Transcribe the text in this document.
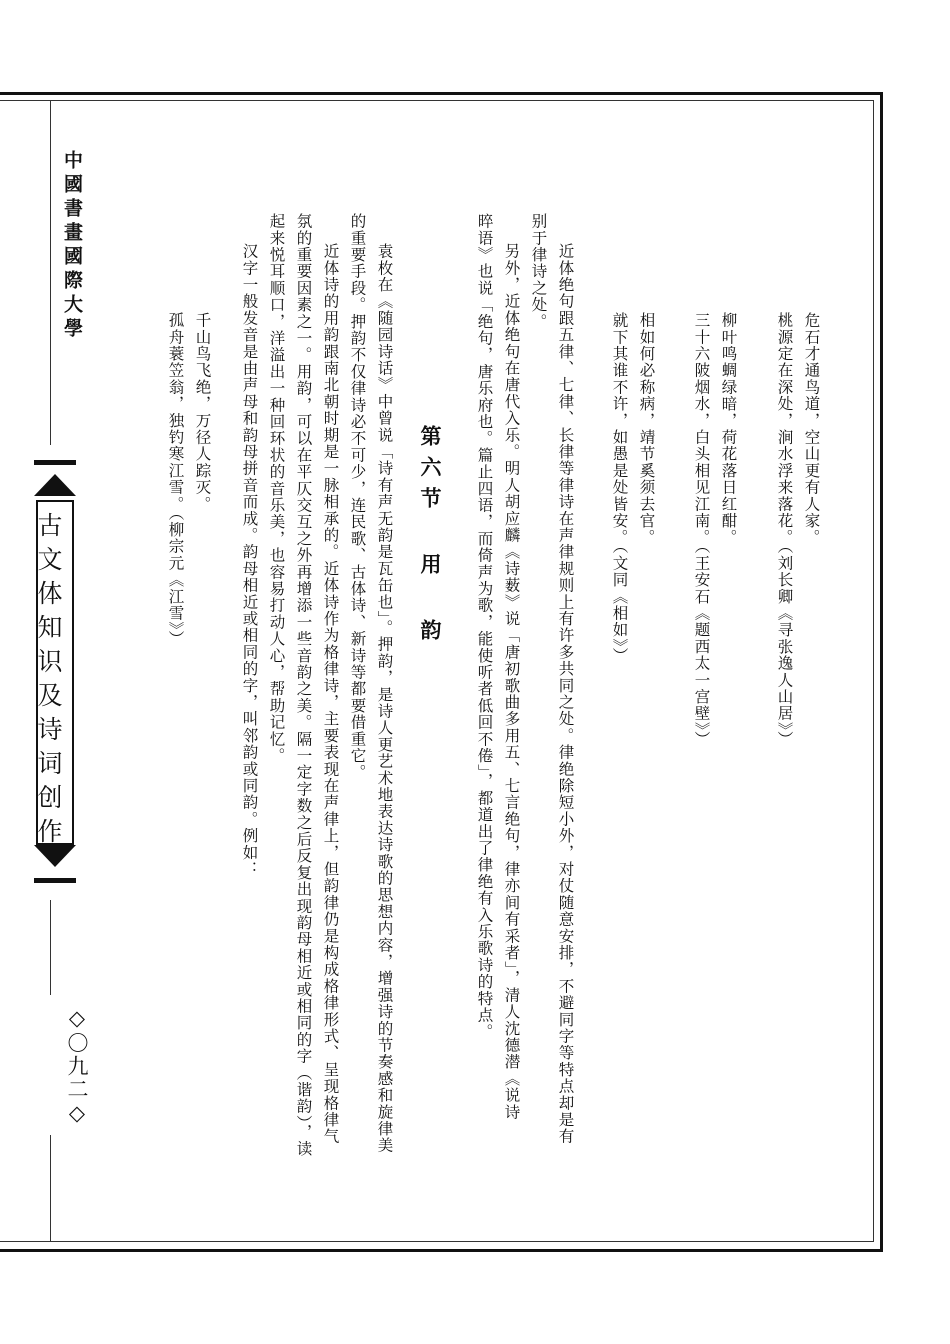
中國書畫國際大學
古文体知识及诗词创作
◇〇九二◇
危石才通鸟道，空山更有人家。
桃源定在深处，涧水浮来落花。（刘长卿《寻张逸人山居》）
柳叶鸣蜩绿暗，荷花落日红酣。
三十六陂烟水，白头相见江南。（王安石《题西太一宫壁》）
相如何必称病，靖节奚须去官。
就下其谁不许，如愚是处皆安。（文同《相如》）
近体绝句跟五律、七律、长律等律诗在声律规则上有许多共同之处。律绝除短小外，对仗随意安排，不避同字等特点却是有
别于律诗之处。
另外，近体绝句在唐代入乐。明人胡应麟《诗薮》说「唐初歌曲多用五、七言绝句，律亦间有采者」，清人沈德潜《说诗
晬语》也说「绝句，唐乐府也。篇止四语，而倚声为歌，能使听者低回不倦」，都道出了律绝有入乐歌诗的特点。
第六节 用 韵
袁枚在《随园诗话》中曾说「诗有声无韵是瓦缶也」。押韵，是诗人更艺术地表达诗歌的思想内容，增强诗的节奏感和旋律美
的重要手段。押韵不仅律诗必不可少，连民歌、古体诗、新诗等都要借重它。
近体诗的用韵跟南北朝时期是一脉相承的。近体诗作为格律诗，主要表现在声律上，但韵律仍是构成格律形式、呈现格律气
氛的重要因素之一。用韵，可以在平仄交互之外再增添一些音韵之美。隔一定字数之后反复出现韵母相近或相同的字（谐韵），读
起来悦耳顺口，洋溢出一种回环状的音乐美，也容易打动人心，帮助记忆。
汉字一般发音是由声母和韵母拼音而成。韵母相近或相同的字，叫邻韵或同韵。例如：
千山鸟飞绝，万径人踪灭。
孤舟蓑笠翁，独钓寒江雪。（柳宗元《江雪》）
